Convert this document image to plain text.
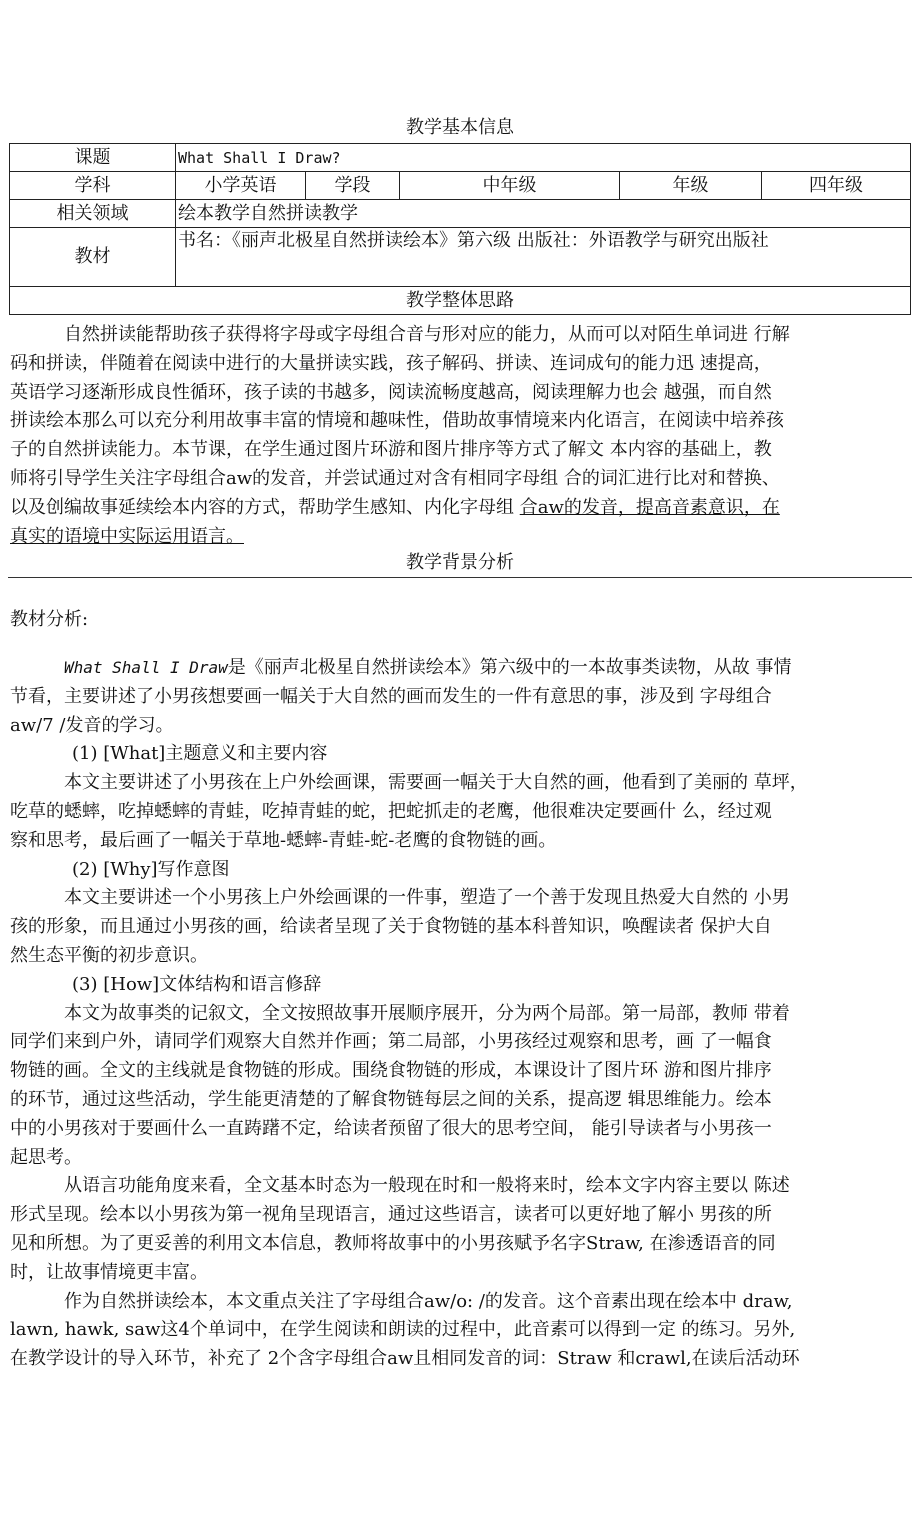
教学基本信息
课题	What Shall I Draw?				
学科	小学英语	学段	中年级	年级	四年级
相关领域	绘本教学自然拼读教学				
教材	书名：《丽声北极星自然拼读绘本》第六级 出版社：外语教学与研究出版社				
教学整体思路					
自然拼读能帮助孩子获得将字母或字母组合音与形对应的能力，从而可以对陌生单词进 行解
码和拼读，伴随着在阅读中进行的大量拼读实践，孩子解码、拼读、连词成句的能力迅 速提高，
英语学习逐渐形成良性循环，孩子读的书越多，阅读流畅度越高，阅读理解力也会 越强，而自然
拼读绘本那么可以充分利用故事丰富的情境和趣味性，借助故事情境来内化语言，在阅读中培养孩
子的自然拼读能力。本节课，在学生通过图片环游和图片排序等方式了解文 本内容的基础上，教
师将引导学生关注字母组合aw的发音，并尝试通过对含有相同字母组 合的词汇进行比对和替换、
以及创编故事延续绘本内容的方式，帮助学生感知、内化字母组 合aw的发音，提高音素意识，在
真实的语境中实际运用语言。
教学背景分析
教材分析:
What Shall I Draw是《丽声北极星自然拼读绘本》第六级中的一本故事类读物，从故 事情
节看，主要讲述了小男孩想要画一幅关于大自然的画而发生的一件有意思的事，涉及到 字母组合
aw/7 /发音的学习。
(1) [What]主题意义和主要内容
本文主要讲述了小男孩在上户外绘画课，需要画一幅关于大自然的画，他看到了美丽的 草坪，
吃草的蟋蟀，吃掉蟋蟀的青蛙，吃掉青蛙的蛇，把蛇抓走的老鹰，他很难决定要画什 么，经过观
察和思考，最后画了一幅关于草地-蟋蟀-青蛙-蛇-老鹰的食物链的画。
(2) [Why]写作意图
本文主要讲述一个小男孩上户外绘画课的一件事，塑造了一个善于发现且热爱大自然的 小男
孩的形象，而且通过小男孩的画，给读者呈现了关于食物链的基本科普知识，唤醒读者 保护大自
然生态平衡的初步意识。
(3) [How]文体结构和语言修辞
本文为故事类的记叙文，全文按照故事开展顺序展开，分为两个局部。第一局部，教师 带着
同学们来到户外，请同学们观察大自然并作画；第二局部，小男孩经过观察和思考，画 了一幅食
物链的画。全文的主线就是食物链的形成。围绕食物链的形成，本课设计了图片环 游和图片排序
的环节，通过这些活动，学生能更清楚的了解食物链每层之间的关系，提高逻 辑思维能力。绘本
中的小男孩对于要画什么一直踌躇不定，给读者预留了很大的思考空间， 能引导读者与小男孩一
起思考。
从语言功能角度来看，全文基本时态为一般现在时和一般将来时，绘本文字内容主要以 陈述
形式呈现。绘本以小男孩为第一视角呈现语言，通过这些语言，读者可以更好地了解小 男孩的所
见和所想。为了更妥善的利用文本信息，教师将故事中的小男孩赋予名字Straw, 在渗透语音的同
时，让故事情境更丰富。
作为自然拼读绘本，本文重点关注了字母组合aw/o: /的发音。这个音素出现在绘本中 draw,
lawn, hawk, saw这4个单词中，在学生阅读和朗读的过程中，此音素可以得到一定 的练习。另外,
在教学设计的导入环节，补充了 2个含字母组合aw且相同发音的词：Straw 和crawl,在读后活动环
